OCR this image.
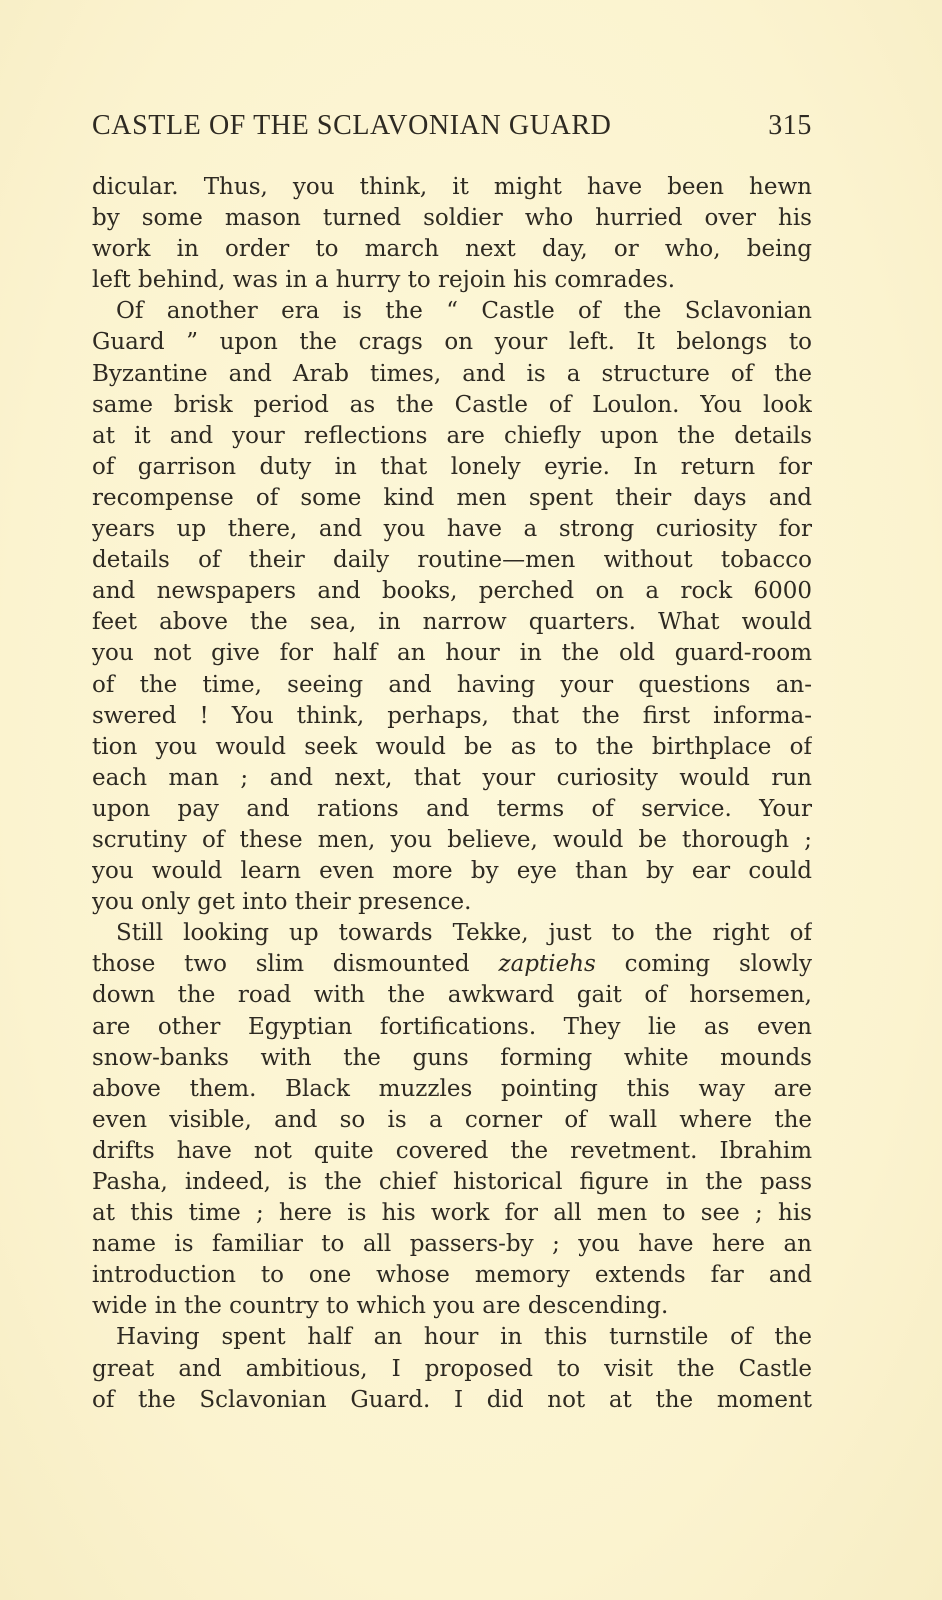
CASTLE OF THE SCLAVONIAN GUARD	315
dicular. Thus, you think, it might have been hewn
by some mason turned soldier who hurried over his
work in order to march next day, or who, being
left behind, was in a hurry to rejoin his comrades.
Of another era is the “ Castle of the Sclavonian
Guard ” upon the crags on your left. It belongs to
Byzantine and Arab times, and is a structure of the
same brisk period as the Castle of Loulon. You look
at it and your reflections are chiefly upon the details
of garrison duty in that lonely eyrie. In return for
recompense of some kind men spent their days and
years up there, and you have a strong curiosity for
details of their daily routine—men without tobacco
and newspapers and books, perched on a rock 6000
feet above the sea, in narrow quarters. What would
you not give for half an hour in the old guard-room
of the time, seeing and having your questions an-
swered ! You think, perhaps, that the first informa-
tion you would seek would be as to the birthplace of
each man ; and next, that your curiosity would run
upon pay and rations and terms of service. Your
scrutiny of these men, you believe, would be thorough ;
you would learn even more by eye than by ear could
you only get into their presence.
Still looking up towards Tekke, just to the right of
those two slim dismounted zaptiehs coming slowly
down the road with the awkward gait of horsemen,
are other Egyptian fortifications. They lie as even
snow-banks with the guns forming white mounds
above them. Black muzzles pointing this way are
even visible, and so is a corner of wall where the
drifts have not quite covered the revetment. Ibrahim
Pasha, indeed, is the chief historical figure in the pass
at this time ; here is his work for all men to see ; his
name is familiar to all passers-by ; you have here an
introduction to one whose memory extends far and
wide in the country to which you are descending.
Having spent half an hour in this turnstile of the
great and ambitious, I proposed to visit the Castle
of the Sclavonian Guard. I did not at the moment
